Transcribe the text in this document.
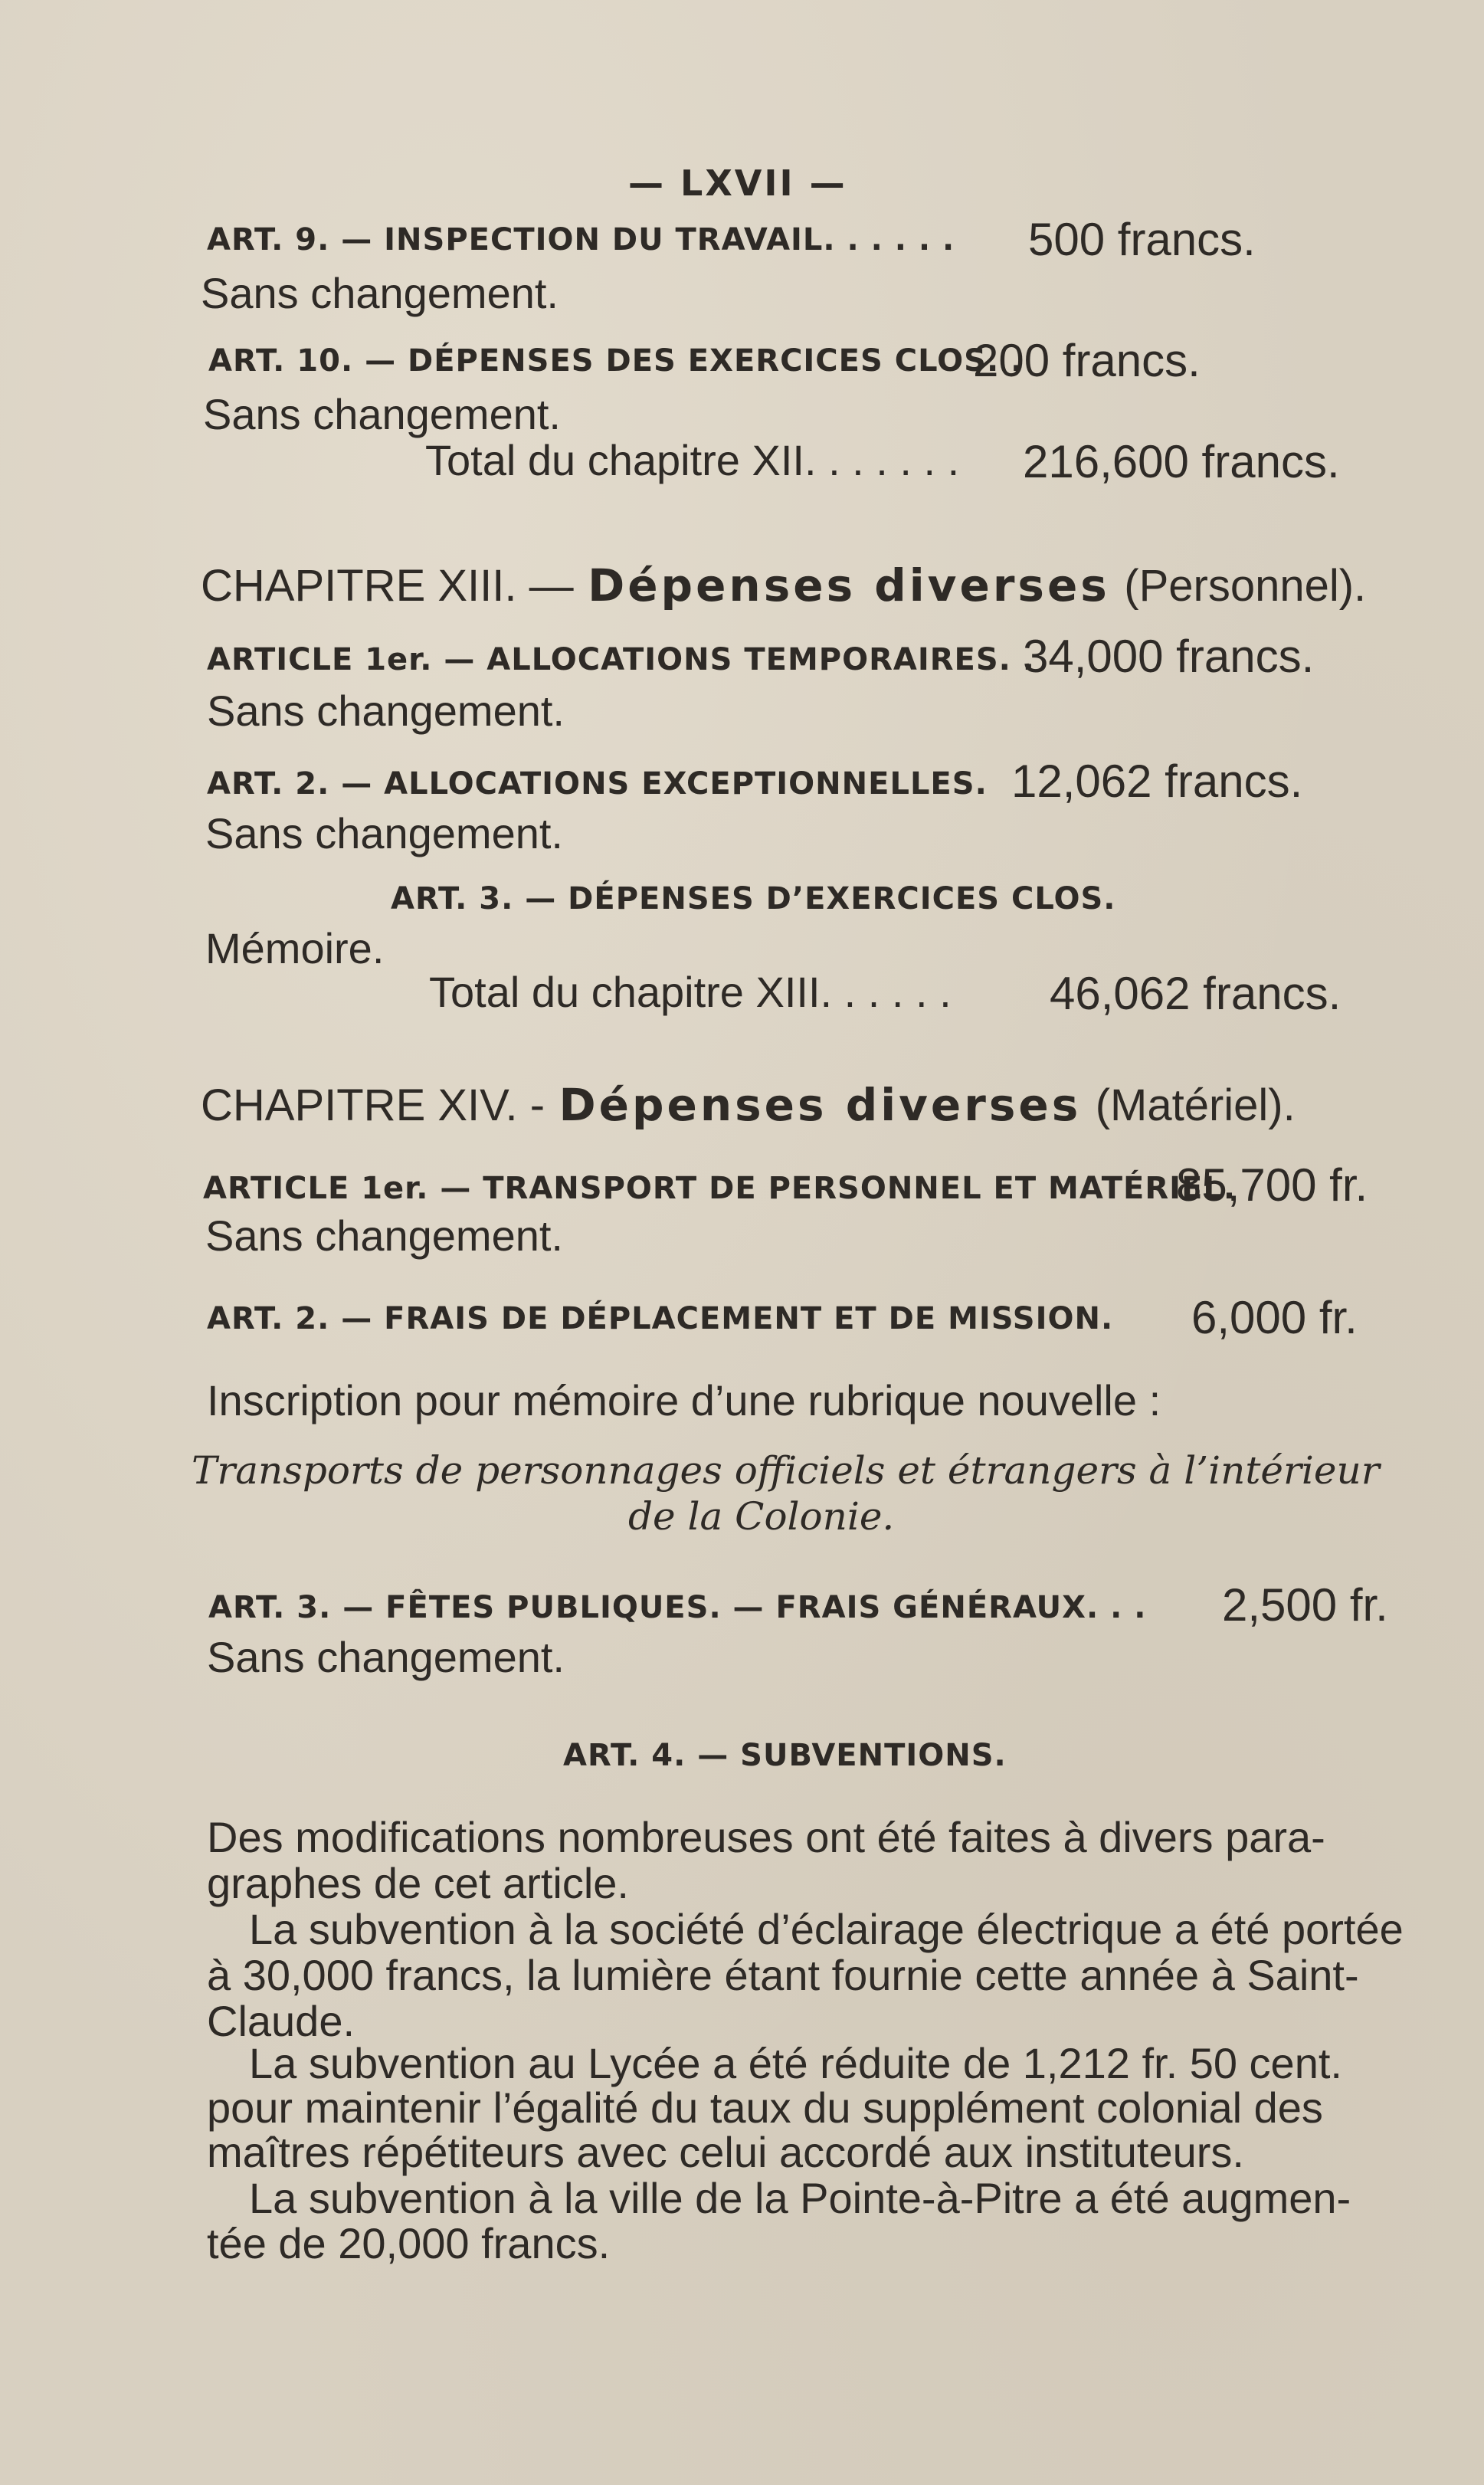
— LXVII —

ART. 9. — INSPECTION DU TRAVAIL. . . . . . 500 francs.

Sans changement.

ART. 10. — DÉPENSES DES EXERCICES CLOS. .

200 francs.

Sans changement.

Total du chapitre XII. . . . . . . 216,600 francs.

CHAPITRE XIII. — Dépenses diverses (Personnel).

ARTICLE 1er. — ALLOCATIONS TEMPORAIRES. .

34,000 francs.

Sans changement.

ART. 2. — ALLOCATIONS EXCEPTIONNELLES. 12,062 francs.

Sans changement.

ART. 3. — DÉPENSES D’EXERCICES CLOS.

Mémoire.

Total du chapitre XIII. . . . . . 46,062 francs.

CHAPITRE XIV. - Dépenses diverses (Matériel).

ARTICLE 1er. — TRANSPORT DE PERSONNEL ET MATÉRIEL.

85,700 fr.

Sans changement.

ART. 2. — FRAIS DE DÉPLACEMENT ET DE MISSION. 6,000 fr.

Inscription pour mémoire d’une rubrique nouvelle :

Transports de personnages officiels et étrangers à l’intérieur

de la Colonie.

ART. 3. — FÊTES PUBLIQUES. — FRAIS GÉNÉRAUX. . . 2,500 fr.

Sans changement.

ART. 4. — SUBVENTIONS.

Des modifications nombreuses ont été faites à divers para-

graphes de cet article.

La subvention à la société d’éclairage électrique a été portée

à 30,000 francs, la lumière étant fournie cette année à Saint-

Claude.

La subvention au Lycée a été réduite de 1,212 fr. 50 cent.

pour maintenir l’égalité du taux du supplément colonial des

maîtres répétiteurs avec celui accordé aux instituteurs.

La subvention à la ville de la Pointe-à-Pitre a été augmen-

tée de 20,000 francs.
